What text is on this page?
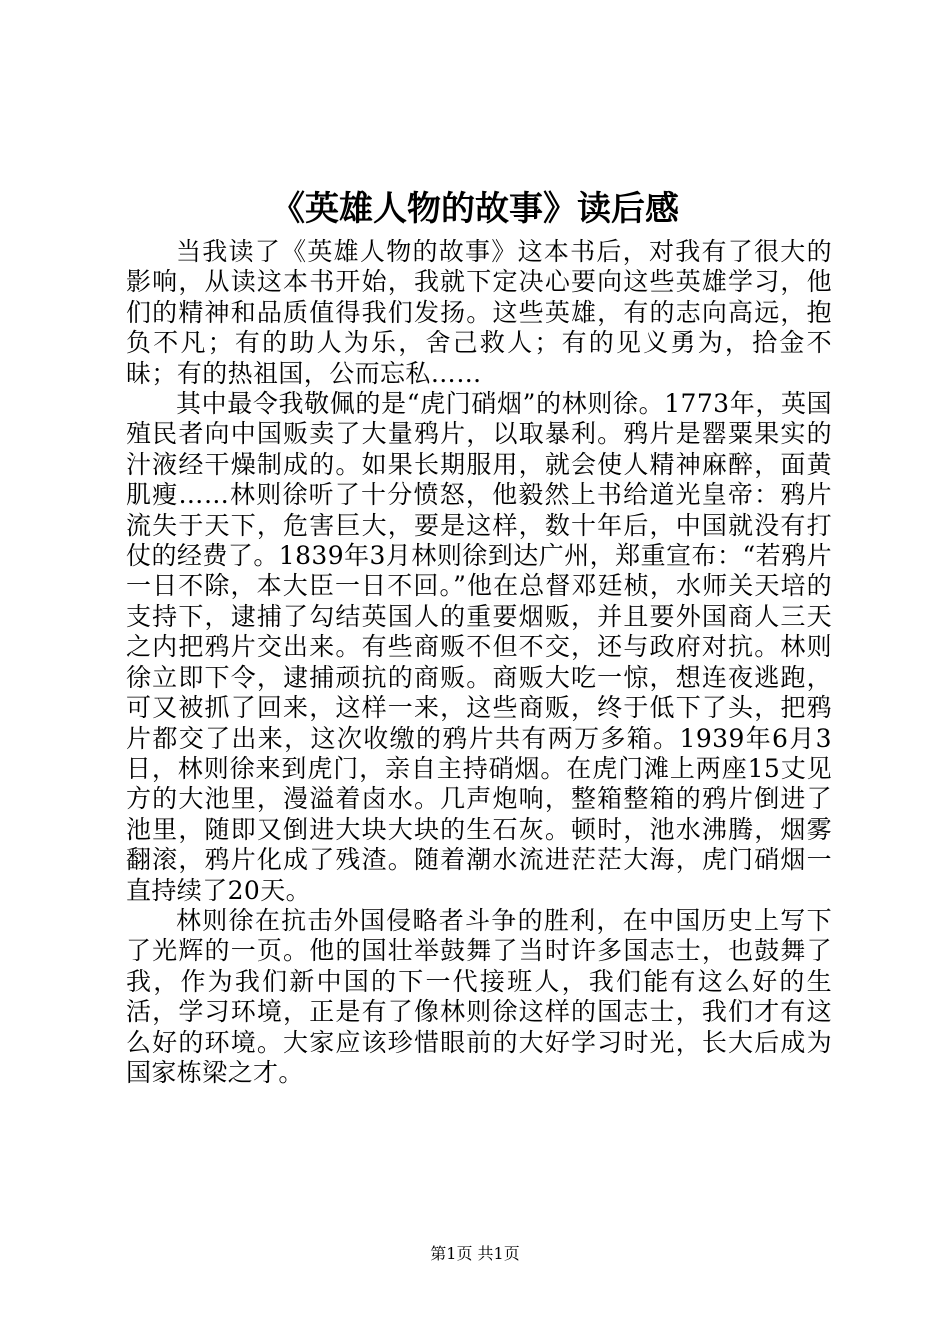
《英雄人物的故事》读后感

当我读了《英雄人物的故事》这本书后，对我有了很大的影响，从读这本书开始，我就下定决心要向这些英雄学习，他们的精神和品质值得我们发扬。这些英雄，有的志向高远，抱负不凡；有的助人为乐，舍己救人；有的见义勇为，拾金不昧；有的热祖国，公而忘私……

其中最令我敬佩的是“虎门硝烟”的林则徐。1773年，英国殖民者向中国贩卖了大量鸦片，以取暴利。鸦片是罂粟果实的汁液经干燥制成的。如果长期服用，就会使人精神麻醉，面黄肌瘦……林则徐听了十分愤怒，他毅然上书给道光皇帝：鸦片流失于天下，危害巨大，要是这样，数十年后，中国就没有打仗的经费了。1839年3月林则徐到达广州，郑重宣布：“若鸦片一日不除，本大臣一日不回。”他在总督邓廷桢，水师关天培的支持下，逮捕了勾结英国人的重要烟贩，并且要外国商人三天之内把鸦片交出来。有些商贩不但不交，还与政府对抗。林则徐立即下令，逮捕顽抗的商贩。商贩大吃一惊，想连夜逃跑，可又被抓了回来，这样一来，这些商贩，终于低下了头，把鸦片都交了出来，这次收缴的鸦片共有两万多箱。1939年6月3日，林则徐来到虎门，亲自主持硝烟。在虎门滩上两座15丈见方的大池里，漫溢着卤水。几声炮响，整箱整箱的鸦片倒进了池里，随即又倒进大块大块的生石灰。顿时，池水沸腾，烟雾翻滚，鸦片化成了残渣。随着潮水流进茫茫大海，虎门硝烟一直持续了20天。

林则徐在抗击外国侵略者斗争的胜利，在中国历史上写下了光辉的一页。他的国壮举鼓舞了当时许多国志士，也鼓舞了我，作为我们新中国的下一代接班人，我们能有这么好的生活，学习环境，正是有了像林则徐这样的国志士，我们才有这么好的环境。大家应该珍惜眼前的大好学习时光，长大后成为国家栋梁之才。

第1页 共1页
